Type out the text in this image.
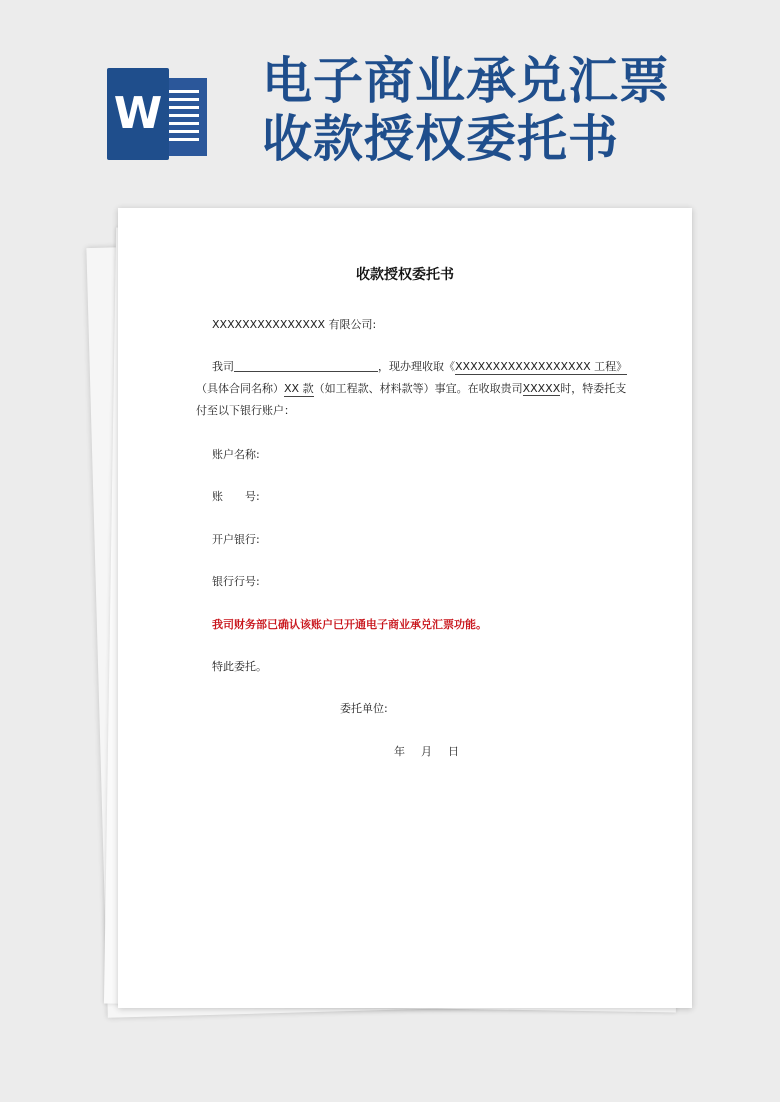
W
电子商业承兑汇票
收款授权委托书
收款授权委托书
XXXXXXXXXXXXXXX 有限公司:
我司	，现办理收取《XXXXXXXXXXXXXXXXXX 工程》
（具体合同名称）XX 款（如工程款、材料款等）事宜。在收取贵司XXXXX时，特委托支
付至以下银行账户：
账户名称:
账 号:
开户银行:
银行行号:
我司财务部已确认该账户已开通电子商业承兑汇票功能。
特此委托。
委托单位:
年 月 日
